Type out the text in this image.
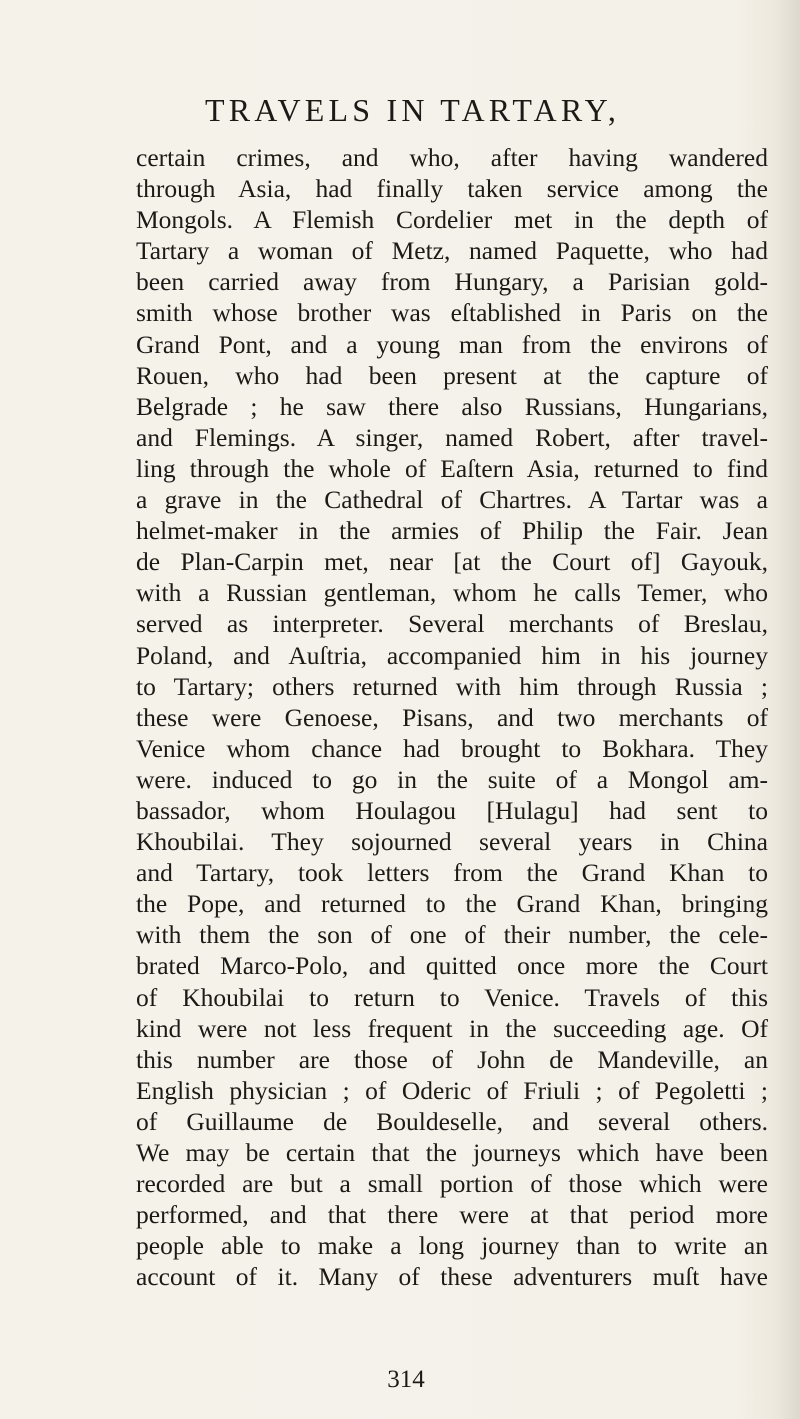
TRAVELS IN TARTARY,
certain crimes, and who, after having wandered
through Asia, had finally taken service among the
Mongols. A Flemish Cordelier met in the depth of
Tartary a woman of Metz, named Paquette, who had
been carried away from Hungary, a Parisian gold-
smith whose brother was eſtablished in Paris on the
Grand Pont, and a young man from the environs of
Rouen, who had been present at the capture of
Belgrade ; he saw there also Russians, Hungarians,
and Flemings. A singer, named Robert, after travel-
ling through the whole of Eaſtern Asia, returned to find
a grave in the Cathedral of Chartres. A Tartar was a
helmet-maker in the armies of Philip the Fair. Jean
de Plan-Carpin met, near [at the Court of] Gayouk,
with a Russian gentleman, whom he calls Temer, who
served as interpreter. Several merchants of Breslau,
Poland, and Auſtria, accompanied him in his journey
to Tartary; others returned with him through Russia ;
these were Genoese, Pisans, and two merchants of
Venice whom chance had brought to Bokhara. They
were. induced to go in the suite of a Mongol am-
bassador, whom Houlagou [Hulagu] had sent to
Khoubilai. They sojourned several years in China
and Tartary, took letters from the Grand Khan to
the Pope, and returned to the Grand Khan, bringing
with them the son of one of their number, the cele-
brated Marco-Polo, and quitted once more the Court
of Khoubilai to return to Venice. Travels of this
kind were not less frequent in the succeeding age. Of
this number are those of John de Mandeville, an
English physician ; of Oderic of Friuli ; of Pegoletti ;
of Guillaume de Bouldeselle, and several others.
We may be certain that the journeys which have been
recorded are but a small portion of those which were
performed, and that there were at that period more
people able to make a long journey than to write an
account of it. Many of these adventurers muſt have
314
